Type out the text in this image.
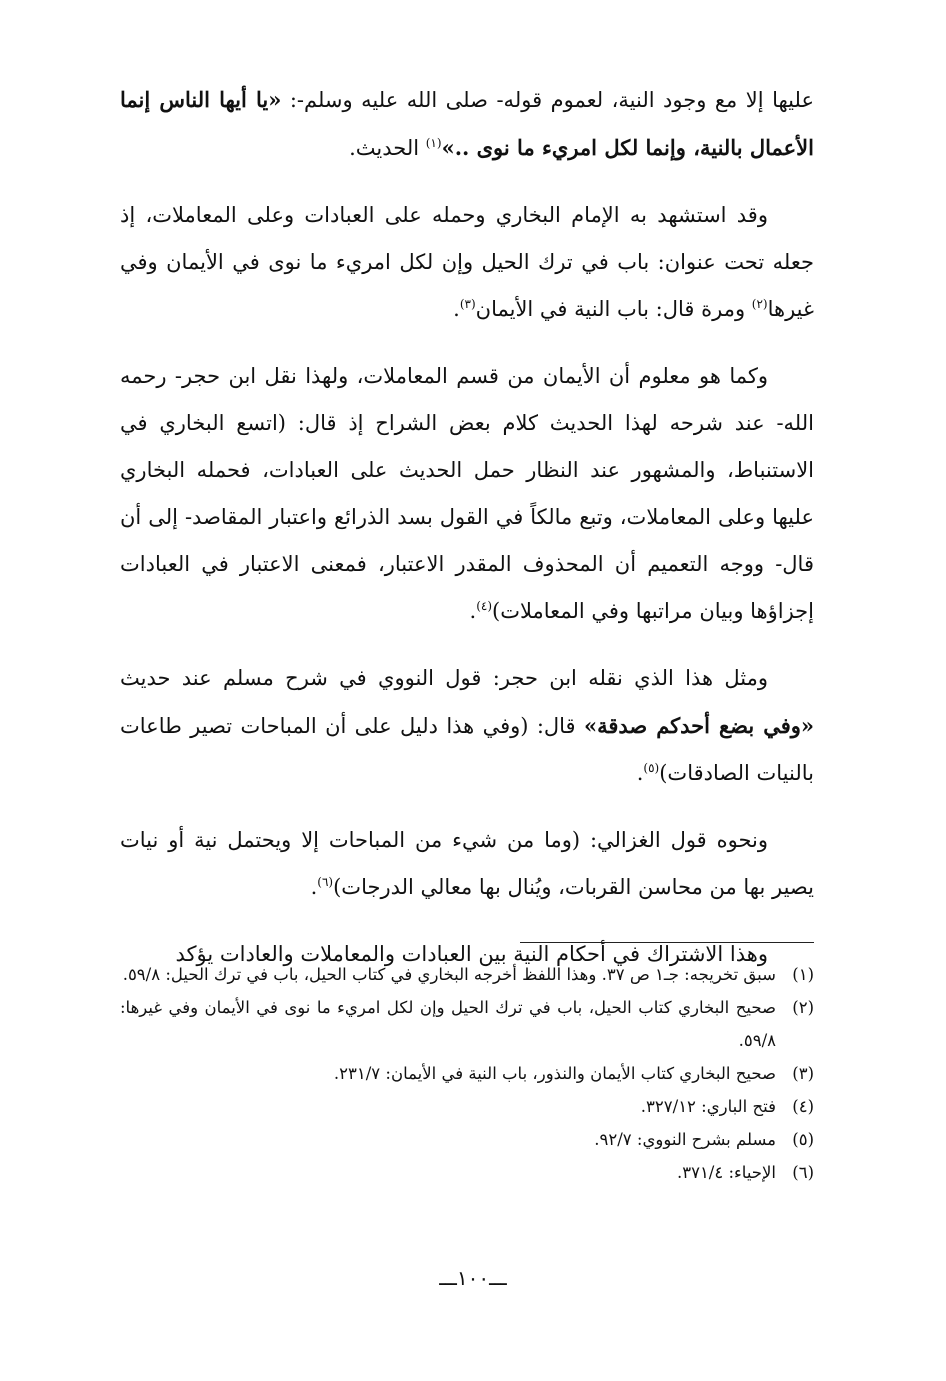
عليها إلا مع وجود النية، لعموم قوله- صلى الله عليه وسلم-: «يا أيها الناس إنما الأعمال بالنية، وإنما لكل امريء ما نوى ..»$^{(١)}$ الحديث.

وقد استشهد به الإمام البخاري وحمله على العبادات وعلى المعاملات، إذ جعله تحت عنوان: باب في ترك الحيل وإن لكل امريء ما نوى في الأيمان وفي غيرها$^{(٢)}$ ومرة قال: باب النية في الأيمان$^{(٣)}$.

وكما هو معلوم أن الأيمان من قسم المعاملات، ولهذا نقل ابن حجر- رحمه الله- عند شرحه لهذا الحديث كلام بعض الشراح إذ قال: (اتسع البخاري في الاستنباط، والمشهور عند النظار حمل الحديث على العبادات، فحمله البخاري عليها وعلى المعاملات، وتبع مالكاً في القول بسد الذرائع واعتبار المقاصد- إلى أن قال- ووجه التعميم أن المحذوف المقدر الاعتبار، فمعنى الاعتبار في العبادات إجزاؤها وبيان مراتبها وفي المعاملات)$^{(٤)}$.

ومثل هذا الذي نقله ابن حجر: قول النووي في شرح مسلم عند حديث «وفي بضع أحدكم صدقة» قال: (وفي هذا دليل على أن المباحات تصير طاعات بالنيات الصادقات)$^{(٥)}$.

ونحوه قول الغزالي: (وما من شيء من المباحات إلا ويحتمل نية أو نيات يصير بها من محاسن القربات، ويُنال بها معالي الدرجات)$^{(٦)}$.

وهذا الاشتراك في أحكام النية بين العبادات والمعاملات والعادات يؤكد

(١)
سبق تخريجه: جـ١ ص ٣٧. وهذا اللفظ أخرجه البخاري في كتاب الحيل، باب في ترك الحيل: ٥٩/٨.
(٢)
صحيح البخاري كتاب الحيل، باب في ترك الحيل وإن لكل امريء ما نوى في الأيمان وفي غيرها: ٥٩/٨.
(٣)
صحيح البخاري كتاب الأيمان والنذور، باب النية في الأيمان: ٢٣١/٧.
(٤)
فتح الباري: ٣٢٧/١٢.
(٥)
مسلم بشرح النووي: ٩٢/٧.
(٦)
الإحياء: ٣٧١/٤.
ـــ١٠٠ـــ
